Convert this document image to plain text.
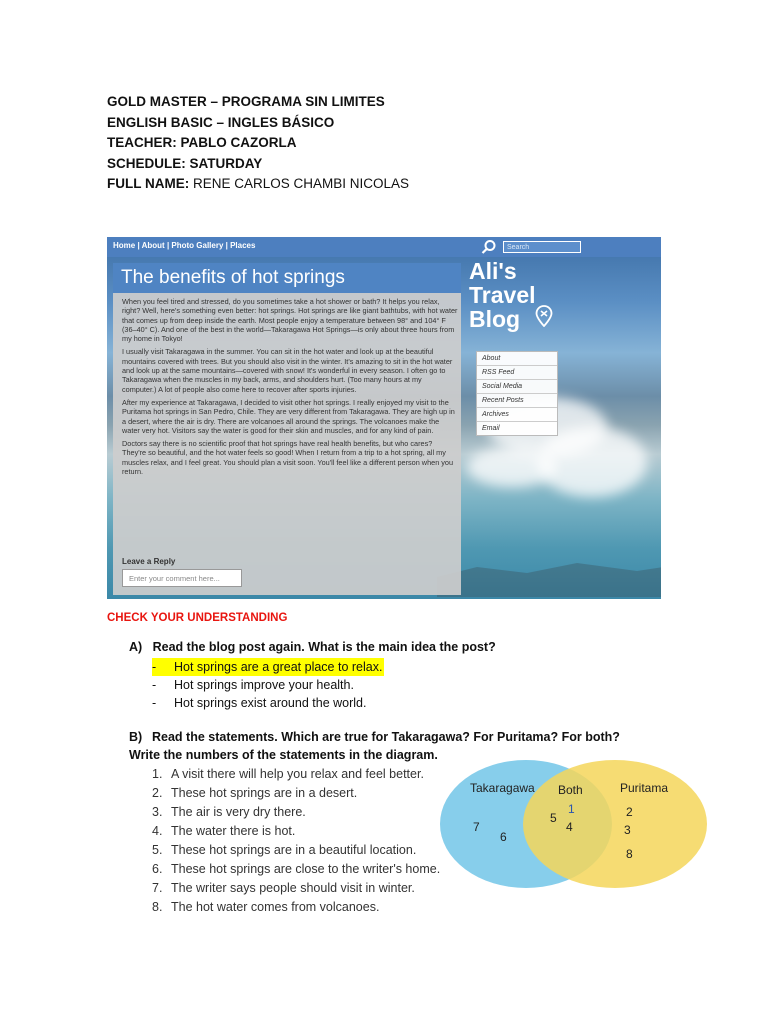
GOLD MASTER – PROGRAMA SIN LIMITES
ENGLISH BASIC – INGLES BÁSICO
TEACHER: PABLO CAZORLA
SCHEDULE: SATURDAY
FULL NAME: RENE CARLOS CHAMBI NICOLAS
Home | About | Photo Gallery | Places	Search
The benefits of hot springs

When you feel tired and stressed, do you sometimes take a hot shower or bath? It helps you relax, right? Well, here's something even better: hot springs. Hot springs are like giant bathtubs, with hot water that comes up from deep inside the earth. Most people enjoy a temperature between 98° and 104° F (36–40° C). And one of the best in the world—Takaragawa Hot Springs—is only about three hours from my home in Tokyo!

I usually visit Takaragawa in the summer. You can sit in the hot water and look up at the beautiful mountains covered with trees. But you should also visit in the winter. It's amazing to sit in the hot water and look up at the same mountains—covered with snow! It's wonderful in every season. I often go to Takaragawa when the muscles in my back, arms, and shoulders hurt. (Too many hours at my computer.) A lot of people also come here to recover after sports injuries.

After my experience at Takaragawa, I decided to visit other hot springs. I really enjoyed my visit to the Puritama hot springs in San Pedro, Chile. They are very different from Takaragawa. They are high up in a desert, where the air is dry. There are volcanoes all around the springs. The volcanoes make the water very hot. Visitors say the water is good for their skin and muscles, and for any kind of pain.

Doctors say there is no scientific proof that hot springs have real health benefits, but who cares? They're so beautiful, and the hot water feels so good! When I return from a trip to a hot spring, all my muscles relax, and I feel great. You should plan a visit soon. You'll feel like a different person when you return.

Leave a Reply
Enter your comment here...
Ali's
Travel
Blog
About
RSS Feed
Social Media
Recent Posts
Archives
Email
CHECK YOUR UNDERSTANDING
A) Read the blog post again. What is the main idea the post?
- Hot springs are a great place to relax.
- Hot springs improve your health.
- Hot springs exist around the world.
B) Read the statements. Which are true for Takaragawa? For Puritama? For both? Write the numbers of the statements in the diagram.
1. A visit there will help you relax and feel better.
2. These hot springs are in a desert.
3. The air is very dry there.
4. The water there is hot.
5. These hot springs are in a beautiful location.
6. These hot springs are close to the writer's home.
7. The writer says people should visit in winter.
8. The hot water comes from volcanoes.
Takaragawa Both	Puritama
7
6
1
5
4
2
3
8
